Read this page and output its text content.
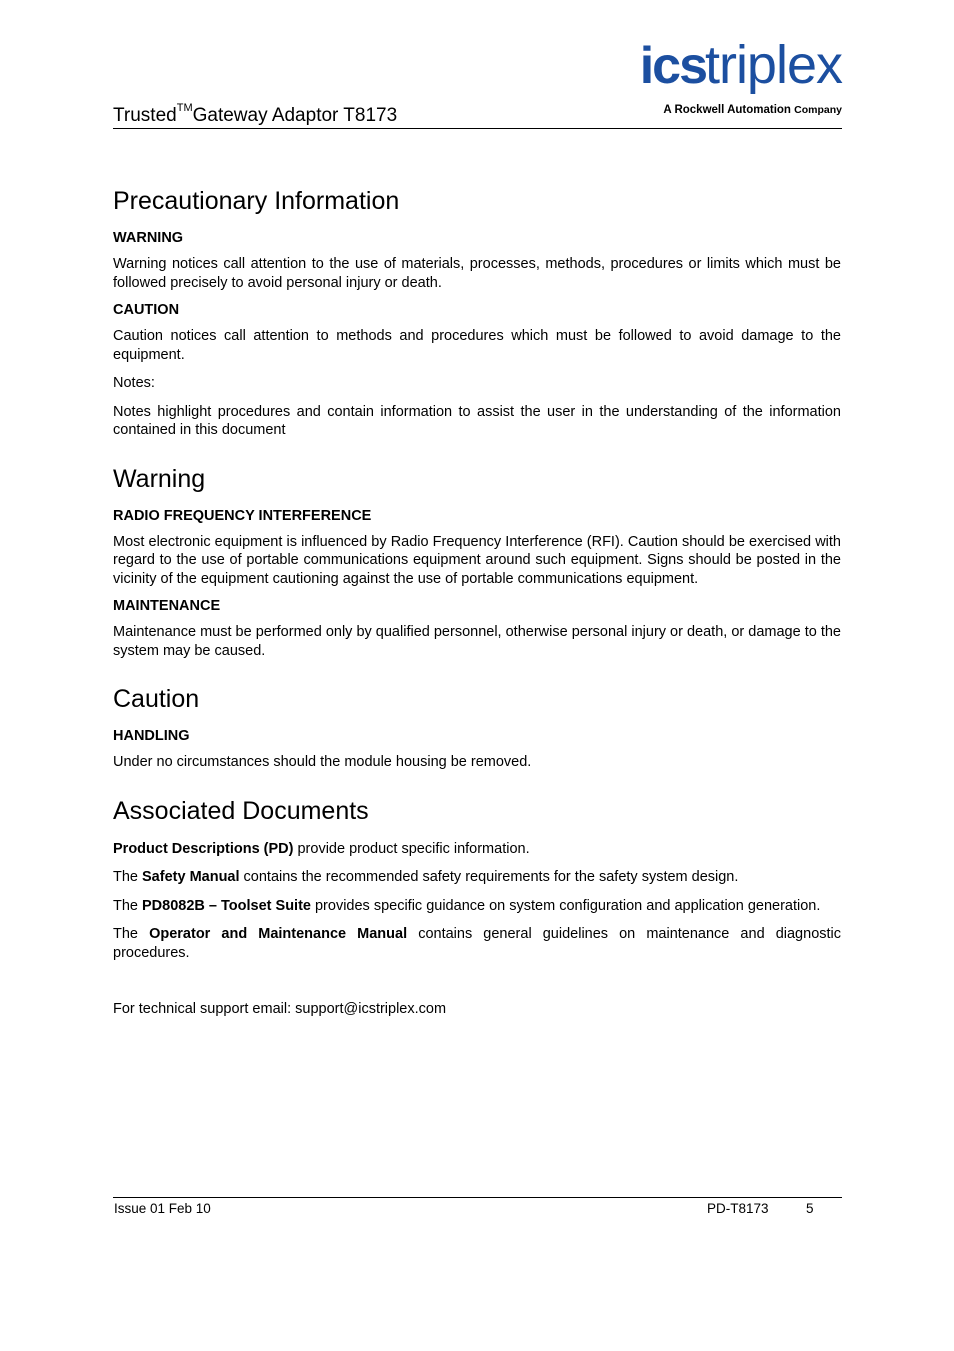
Trusted™Gateway Adaptor T8173
ics
triplex
A Rockwell Automation Company
Precautionary Information
WARNING

Warning notices call attention to the use of materials, processes, methods, procedures or limits which must be followed precisely to avoid personal injury or death.

CAUTION

Caution notices call attention to methods and procedures which must be followed to avoid damage to the equipment.

Notes:

Notes highlight procedures and contain information to assist the user in the understanding of the information contained in this document

Warning
RADIO FREQUENCY INTERFERENCE

Most electronic equipment is influenced by Radio Frequency Interference (RFI). Caution should be exercised with regard to the use of portable communications equipment around such equipment. Signs should be posted in the vicinity of the equipment cautioning against the use of portable communications equipment.

MAINTENANCE

Maintenance must be performed only by qualified personnel, otherwise personal injury or death, or damage to the system may be caused.

Caution
HANDLING

Under no circumstances should the module housing be removed.

Associated Documents

Product Descriptions (PD) provide product specific information.

The Safety Manual contains the recommended safety requirements for the safety system design.

The PD8082B – Toolset Suite provides specific guidance on system configuration and application generation.

The Operator and Maintenance Manual contains general guidelines on maintenance and diagnostic procedures.

For technical support email: support@icstriplex.com

Issue 01 Feb 10	PD-T8173	5
